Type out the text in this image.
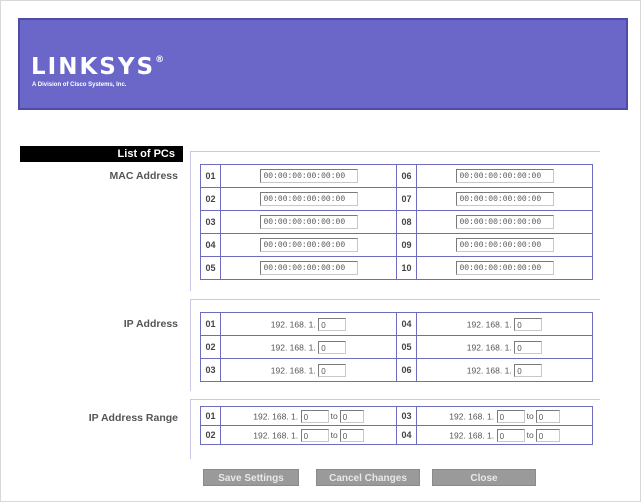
LINKSYS®
A Division of Cisco Systems, Inc.
List of PCs
MAC Address	01	00:00:00:00:00:00	06	00:00:00:00:00:00
02	00:00:00:00:00:00	07	00:00:00:00:00:00
03	00:00:00:00:00:00	08	00:00:00:00:00:00
04	00:00:00:00:00:00	09	00:00:00:00:00:00
05	00:00:00:00:00:00	10	00:00:00:00:00:00
IP Address	01	192. 168. 1. 0	04	192. 168. 1. 0
02	192. 168. 1. 0	05	192. 168. 1. 0
03	192. 168. 1. 0	06	192. 168. 1. 0
IP Address Range	01	192. 168. 1. 0 to 0	03	192. 168. 1. 0 to 0
02	192. 168. 1. 0 to 0	04	192. 168. 1. 0 to 0
Save Settings	Cancel Changes	Close
